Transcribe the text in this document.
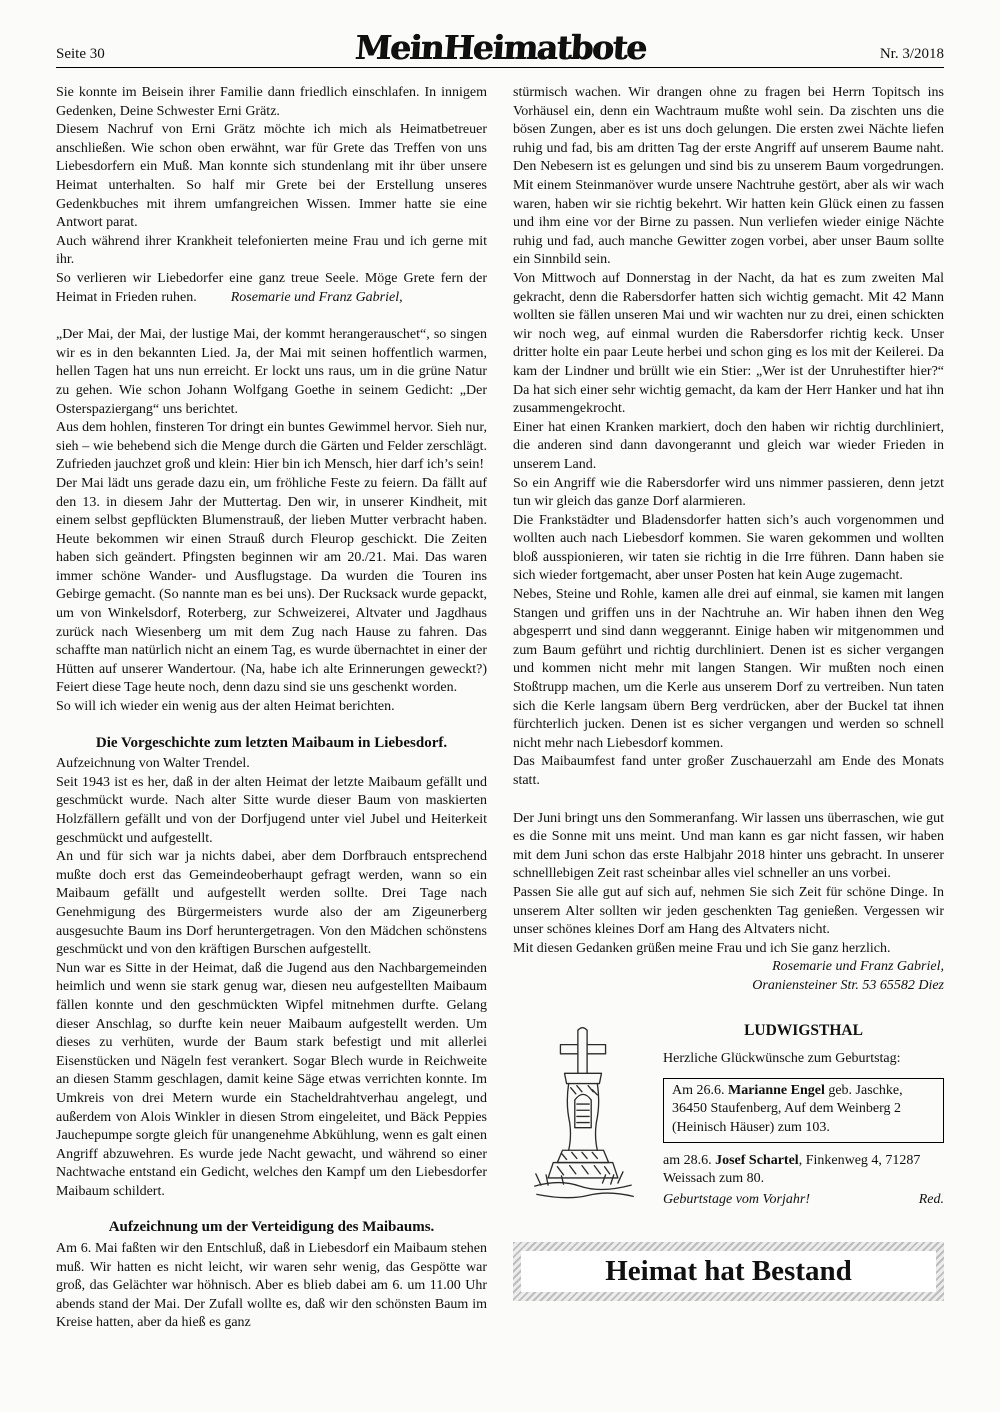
Seite 30	MeinHeimatbote	Nr. 3/2018

Sie konnte im Beisein ihrer Familie dann friedlich einschlafen. In innigem Gedenken, Deine Schwester Erni Grätz.

Diesem Nachruf von Erni Grätz möchte ich mich als Heimatbetreuer anschließen. Wie schon oben erwähnt, war für Grete das Treffen von uns Liebesdorfern ein Muß. Man konnte sich stundenlang mit ihr über unsere Heimat unterhalten. So half mir Grete bei der Erstellung unseres Gedenkbuches mit ihrem umfangreichen Wissen. Immer hatte sie eine Antwort parat.

Auch während ihrer Krankheit telefonierten meine Frau und ich gerne mit ihr.

So verlieren wir Liebedorfer eine ganz treue Seele. Möge Grete fern der Heimat in Frieden ruhen. Rosemarie und Franz Gabriel,

„Der Mai, der Mai, der lustige Mai, der kommt herangerauschet“, so singen wir es in den bekannten Lied. Ja, der Mai mit seinen hoffentlich warmen, hellen Tagen hat uns nun erreicht. Er lockt uns raus, um in die grüne Natur zu gehen. Wie schon Johann Wolfgang Goethe in seinem Gedicht: „Der Osterspaziergang“ uns berichtet.

Aus dem hohlen, finsteren Tor dringt ein buntes Gewimmel hervor. Sieh nur, sieh – wie behebend sich die Menge durch die Gärten und Felder zerschlägt. Zufrieden jauchzet groß und klein: Hier bin ich Mensch, hier darf ich’s sein!

Der Mai lädt uns gerade dazu ein, um fröhliche Feste zu feiern. Da fällt auf den 13. in diesem Jahr der Muttertag. Den wir, in unserer Kindheit, mit einem selbst gepflückten Blumenstrauß, der lieben Mutter verbracht haben. Heute bekommen wir einen Strauß durch Fleurop geschickt. Die Zeiten haben sich geändert. Pfingsten beginnen wir am 20./21. Mai. Das waren immer schöne Wander- und Ausflugstage. Da wurden die Touren ins Gebirge gemacht. (So nannte man es bei uns). Der Rucksack wurde gepackt, um von Winkelsdorf, Roterberg, zur Schweizerei, Altvater und Jagdhaus zurück nach Wiesenberg um mit dem Zug nach Hause zu fahren. Das schaffte man natürlich nicht an einem Tag, es wurde übernachtet in einer der Hütten auf unserer Wandertour. (Na, habe ich alte Erinnerungen geweckt?) Feiert diese Tage heute noch, denn dazu sind sie uns geschenkt worden.

So will ich wieder ein wenig aus der alten Heimat berichten.

Die Vorgeschichte zum letzten Maibaum in Liebesdorf.

Aufzeichnung von Walter Trendel.

Seit 1943 ist es her, daß in der alten Heimat der letzte Maibaum gefällt und geschmückt wurde. Nach alter Sitte wurde dieser Baum von maskierten Holzfällern gefällt und von der Dorfjugend unter viel Jubel und Heiterkeit geschmückt und aufgestellt.

An und für sich war ja nichts dabei, aber dem Dorfbrauch entsprechend mußte doch erst das Gemeindeoberhaupt gefragt werden, wann so ein Maibaum gefällt und aufgestellt werden sollte. Drei Tage nach Genehmigung des Bürgermeisters wurde also der am Zigeunerberg ausgesuchte Baum ins Dorf heruntergetragen. Von den Mädchen schönstens geschmückt und von den kräftigen Burschen aufgestellt.

Nun war es Sitte in der Heimat, daß die Jugend aus den Nachbargemeinden heimlich und wenn sie stark genug war, diesen neu aufgestellten Maibaum fällen konnte und den geschmückten Wipfel mitnehmen durfte. Gelang dieser Anschlag, so durfte kein neuer Maibaum aufgestellt werden. Um dieses zu verhüten, wurde der Baum stark befestigt und mit allerlei Eisenstücken und Nägeln fest verankert. Sogar Blech wurde in Reichweite an diesen Stamm geschlagen, damit keine Säge etwas verrichten konnte. Im Umkreis von drei Metern wurde ein Stacheldrahtverhau angelegt, und außerdem von Alois Winkler in diesen Strom eingeleitet, und Bäck Peppies Jauchepumpe sorgte gleich für unangenehme Abkühlung, wenn es galt einen Angriff abzuwehren. Es wurde jede Nacht gewacht, und während so einer Nachtwache entstand ein Gedicht, welches den Kampf um den Liebesdorfer Maibaum schildert.

Aufzeichnung um der Verteidigung des Maibaums.

Am 6. Mai faßten wir den Entschluß, daß in Liebesdorf ein Maibaum stehen muß. Wir hatten es nicht leicht, wir waren sehr wenig, das Gespötte war groß, das Gelächter war höhnisch. Aber es blieb dabei am 6. um 11.00 Uhr abends stand der Mai. Der Zufall wollte es, daß wir den schönsten Baum im Kreise hatten, aber da hieß es ganz

stürmisch wachen. Wir drangen ohne zu fragen bei Herrn Topitsch ins Vorhäusel ein, denn ein Wachtraum mußte wohl sein. Da zischten uns die bösen Zungen, aber es ist uns doch gelungen. Die ersten zwei Nächte liefen ruhig und fad, bis am dritten Tag der erste Angriff auf unserem Baume naht. Den Nebesern ist es gelungen und sind bis zu unserem Baum vorgedrungen. Mit einem Steinmanöver wurde unsere Nachtruhe gestört, aber als wir wach waren, haben wir sie richtig bekehrt. Wir hatten kein Glück einen zu fassen und ihm eine vor der Birne zu passen. Nun verliefen wieder einige Nächte ruhig und fad, auch manche Gewitter zogen vorbei, aber unser Baum sollte ein Sinnbild sein.

Von Mittwoch auf Donnerstag in der Nacht, da hat es zum zweiten Mal gekracht, denn die Rabersdorfer hatten sich wichtig gemacht. Mit 42 Mann wollten sie fällen unseren Mai und wir wachten nur zu drei, einen schickten wir noch weg, auf einmal wurden die Rabersdorfer richtig keck. Unser dritter holte ein paar Leute herbei und schon ging es los mit der Keilerei. Da kam der Lindner und brüllt wie ein Stier: „Wer ist der Unruhestifter hier?“ Da hat sich einer sehr wichtig gemacht, da kam der Herr Hanker und hat ihn zusammengekrocht.

Einer hat einen Kranken markiert, doch den haben wir richtig durchliniert, die anderen sind dann davongerannt und gleich war wieder Frieden in unserem Land.

So ein Angriff wie die Rabersdorfer wird uns nimmer passieren, denn jetzt tun wir gleich das ganze Dorf alarmieren.

Die Frankstädter und Bladensdorfer hatten sich’s auch vorgenommen und wollten auch nach Liebesdorf kommen. Sie waren gekommen und wollten bloß ausspionieren, wir taten sie richtig in die Irre führen. Dann haben sie sich wieder fortgemacht, aber unser Posten hat kein Auge zugemacht.

Nebes, Steine und Rohle, kamen alle drei auf einmal, sie kamen mit langen Stangen und griffen uns in der Nachtruhe an. Wir haben ihnen den Weg abgesperrt und sind dann weggerannt. Einige haben wir mitgenommen und zum Baum geführt und richtig durchliniert. Denen ist es sicher vergangen und kommen nicht mehr mit langen Stangen. Wir mußten noch einen Stoßtrupp machen, um die Kerle aus unserem Dorf zu vertreiben. Nun taten sich die Kerle langsam übern Berg verdrücken, aber der Buckel tat ihnen fürchterlich jucken. Denen ist es sicher vergangen und werden so schnell nicht mehr nach Liebesdorf kommen.

Das Maibaumfest fand unter großer Zuschauerzahl am Ende des Monats statt.

Der Juni bringt uns den Sommeranfang. Wir lassen uns überraschen, wie gut es die Sonne mit uns meint. Und man kann es gar nicht fassen, wir haben mit dem Juni schon das erste Halbjahr 2018 hinter uns gebracht. In unserer schnelllebigen Zeit rast scheinbar alles viel schneller an uns vorbei.

Passen Sie alle gut auf sich auf, nehmen Sie sich Zeit für schöne Dinge. In unserem Alter sollten wir jeden geschenkten Tag genießen. Vergessen wir unser schönes kleines Dorf am Hang des Altvaters nicht.

Mit diesen Gedanken grüßen meine Frau und ich Sie ganz herzlich.

Rosemarie und Franz Gabriel,

Oraniensteiner Str. 53 65582 Diez

LUDWIGSTHAL

Herzliche Glückwünsche zum Geburtstag:

Am 26.6. Marianne Engel geb. Jaschke, 36450 Staufenberg, Auf dem Weinberg 2 (Heinisch Häuser) zum 103.

am 28.6. Josef Schartel, Finkenweg 4, 71287 Weissach zum 80.

Geburtstage vom Vorjahr!	Red.

Heimat hat Bestand
